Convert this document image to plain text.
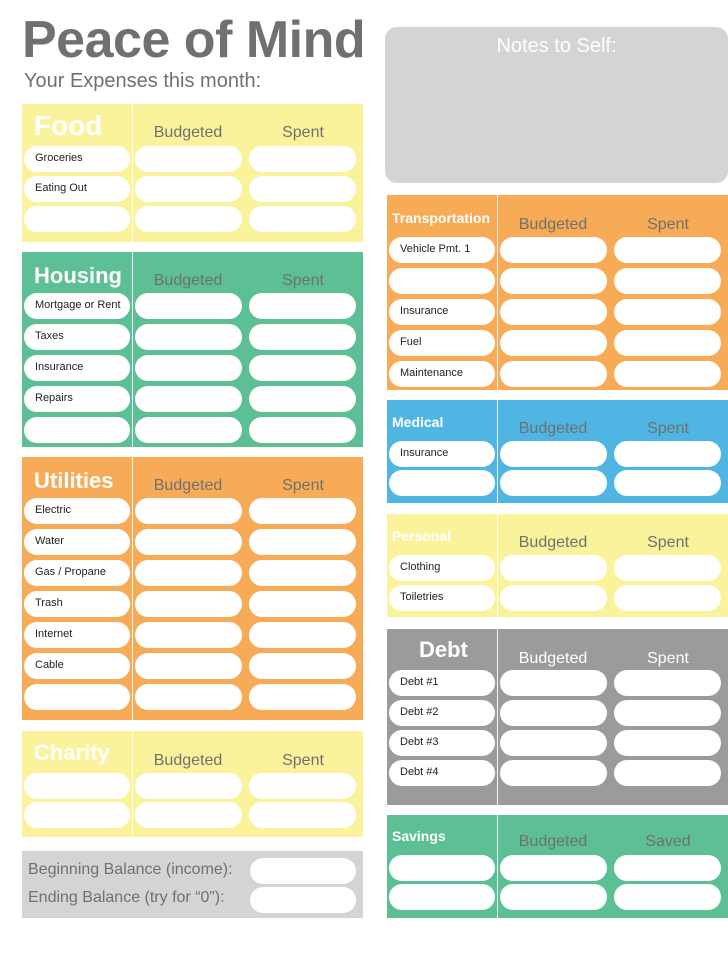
Peace of Mind
Your Expenses this month:
Notes to Self:
Food	Budgeted	Spent
Groceries
Eating Out
Housing Budgeted	Spent
Mortgage or Rent
Taxes
Insurance
Repairs
Utilities	Budgeted	Spent
Electric
Water
Gas / Propane
Trash
Internet
Cable
Charity	Budgeted	Spent
Transportation Budgeted	Spent
Vehicle Pmt. 1
Insurance
Fuel
Maintenance
Medical	Budgeted	Spent
Insurance
Personal	Budgeted	Spent
Clothing
Toiletries
Debt	Budgeted	Spent
Debt #1
Debt #2
Debt #3
Debt #4
Savings	Budgeted	Saved
Beginning Balance (income):
Ending Balance (try for “0”):
